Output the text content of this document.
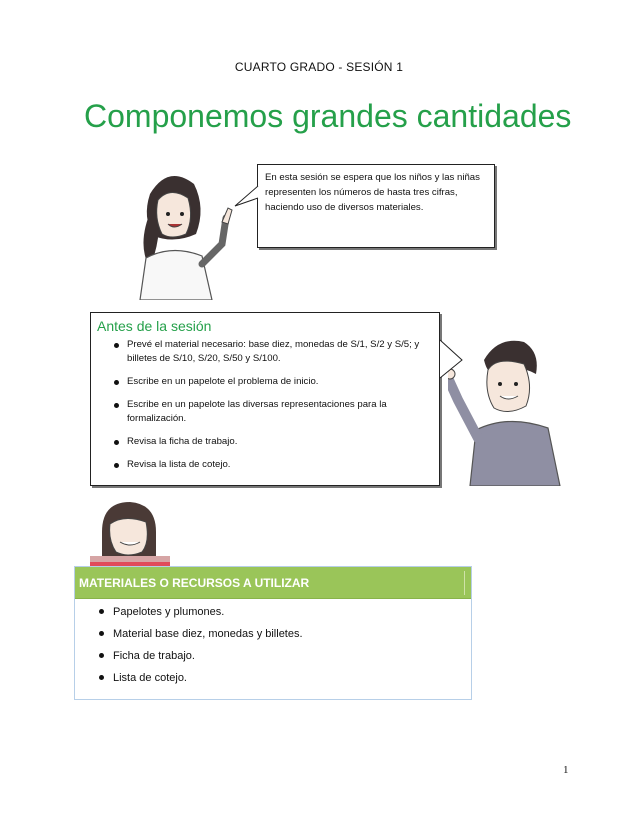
CUARTO GRADO - SESIÓN 1
Componemos grandes cantidades
En esta sesión se espera que los niños y las niñas representen los números de hasta tres cifras, haciendo uso de diversos materiales.
Antes de la sesión
Prevé el material necesario: base diez, monedas de S/1, S/2 y S/5; y billetes de S/10, S/20, S/50 y S/100.
Escribe en un papelote el problema de inicio.
Escribe en un papelote las diversas representaciones para la formalización.
Revisa la ficha de trabajo.
Revisa la lista de cotejo.
MATERIALES O RECURSOS A UTILIZAR
Papelotes y plumones.
Material base diez, monedas y billetes.
Ficha de trabajo.
Lista de cotejo.
1
